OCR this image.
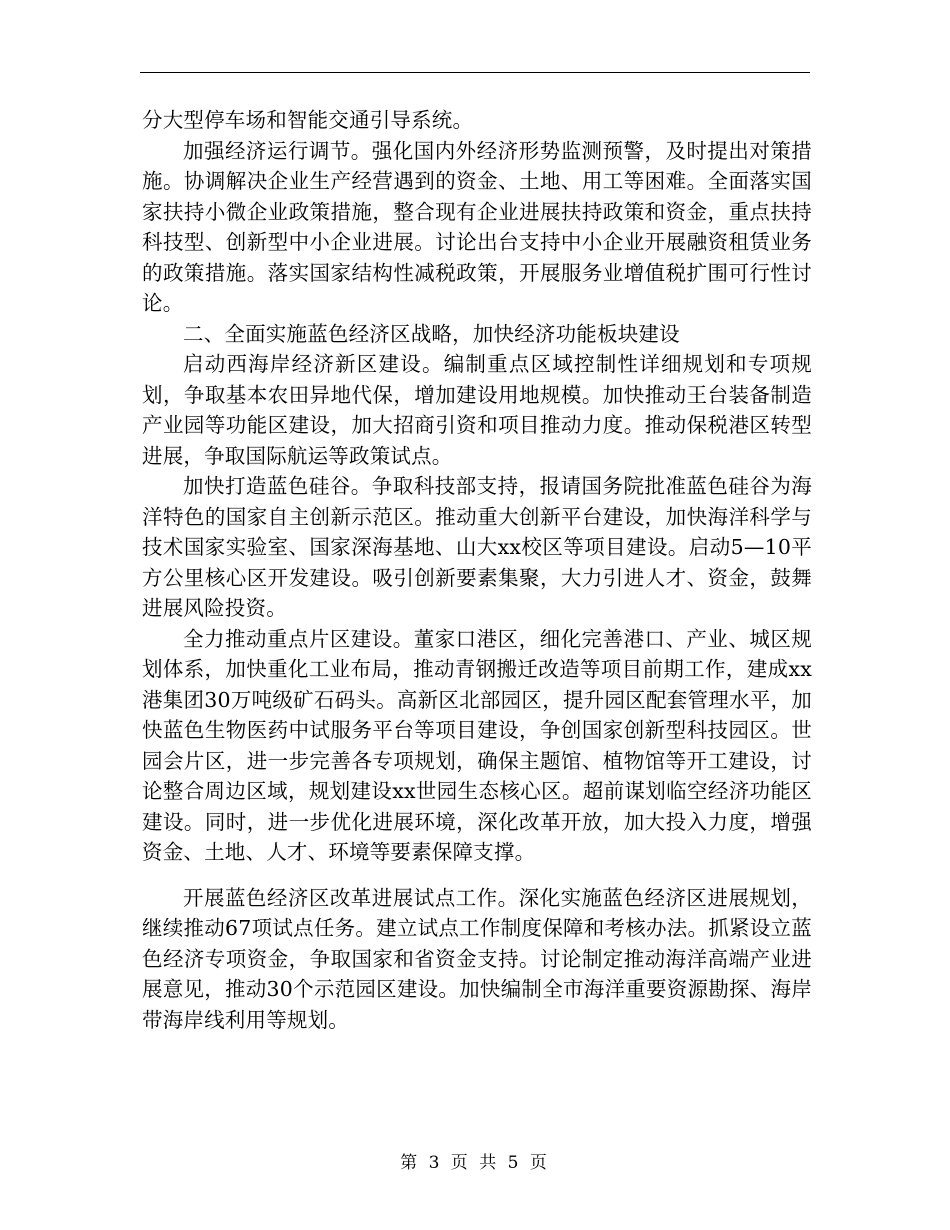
分大型停车场和智能交通引导系统。

加强经济运行调节。强化国内外经济形势监测预警，及时提出对策措施。协调解决企业生产经营遇到的资金、土地、用工等困难。全面落实国家扶持小微企业政策措施，整合现有企业进展扶持政策和资金，重点扶持科技型、创新型中小企业进展。讨论出台支持中小企业开展融资租赁业务的政策措施。落实国家结构性减税政策，开展服务业增值税扩围可行性讨论。

二、全面实施蓝色经济区战略，加快经济功能板块建设

启动西海岸经济新区建设。编制重点区域控制性详细规划和专项规划，争取基本农田异地代保，增加建设用地规模。加快推动王台装备制造产业园等功能区建设，加大招商引资和项目推动力度。推动保税港区转型进展，争取国际航运等政策试点。

加快打造蓝色硅谷。争取科技部支持，报请国务院批准蓝色硅谷为海洋特色的国家自主创新示范区。推动重大创新平台建设，加快海洋科学与技术国家实验室、国家深海基地、山大xx校区等项目建设。启动5—10平方公里核心区开发建设。吸引创新要素集聚，大力引进人才、资金，鼓舞进展风险投资。

全力推动重点片区建设。董家口港区，细化完善港口、产业、城区规划体系，加快重化工业布局，推动青钢搬迁改造等项目前期工作，建成xx港集团30万吨级矿石码头。高新区北部园区，提升园区配套管理水平，加快蓝色生物医药中试服务平台等项目建设，争创国家创新型科技园区。世园会片区，进一步完善各专项规划，确保主题馆、植物馆等开工建设，讨论整合周边区域，规划建设xx世园生态核心区。超前谋划临空经济功能区建设。同时，进一步优化进展环境，深化改革开放，加大投入力度，增强资金、土地、人才、环境等要素保障支撑。

开展蓝色经济区改革进展试点工作。深化实施蓝色经济区进展规划，继续推动67项试点任务。建立试点工作制度保障和考核办法。抓紧设立蓝色经济专项资金，争取国家和省资金支持。讨论制定推动海洋高端产业进展意见，推动30个示范园区建设。加快编制全市海洋重要资源勘探、海岸带海岸线利用等规划。

第 3 页 共 5 页
